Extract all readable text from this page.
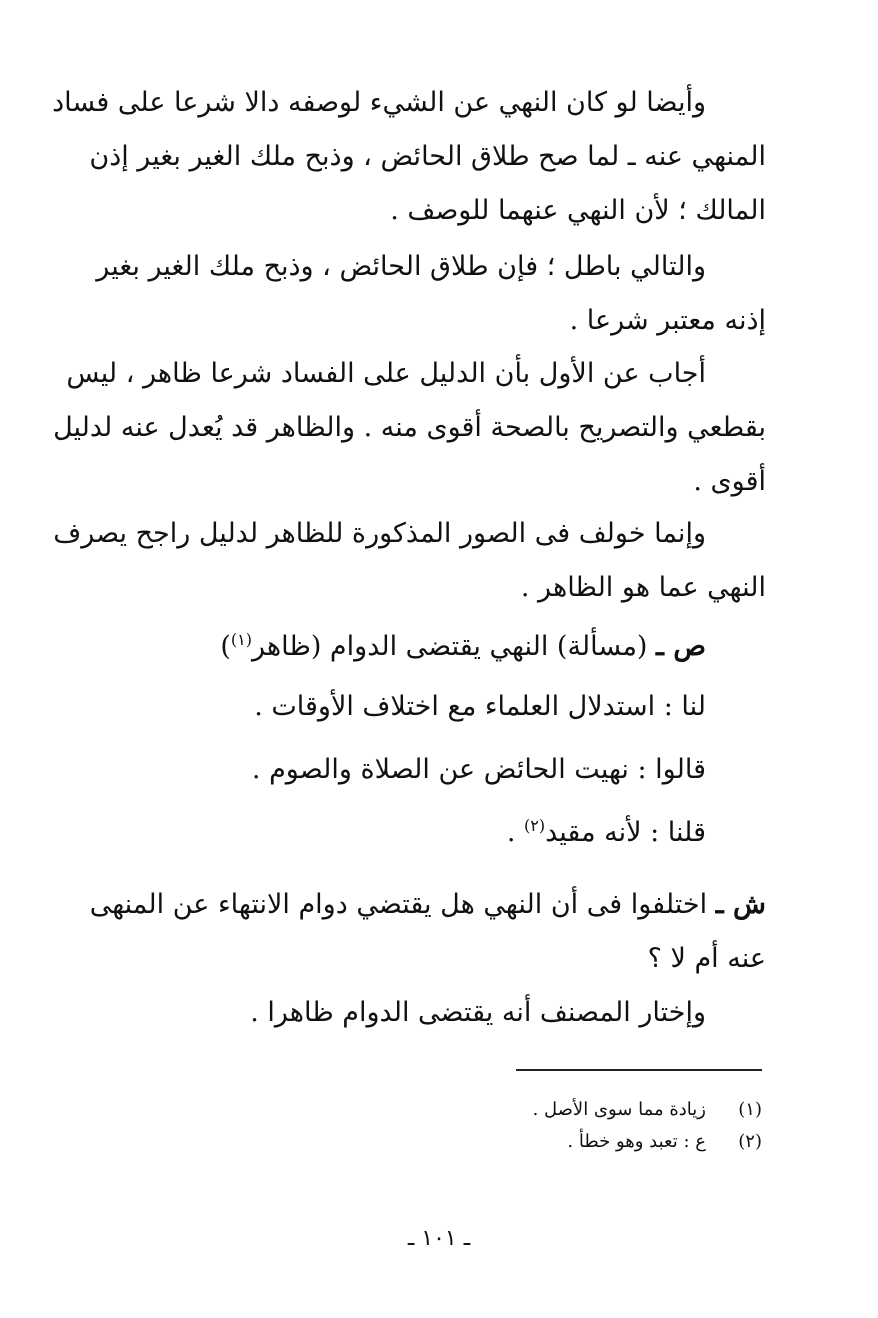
وأيضا لو كان النهي عن الشيء لوصفه دالا شرعا على فساد
المنهي عنه ـ لما صح طلاق الحائض ، وذبح ملك الغير بغير إذن
المالك ؛ لأن النهي عنهما للوصف .
والتالي باطل ؛ فإن طلاق الحائض ، وذبح ملك الغير بغير
إذنه معتبر شرعا .
أجاب عن الأول بأن الدليل على الفساد شرعا ظاهر ، ليس
بقطعي والتصريح بالصحة أقوى منه . والظاهر قد يُعدل عنه لدليل
أقوى .
وإنما خولف فى الصور المذكورة للظاهر لدليل راجح يصرف
النهي عما هو الظاهر .
ص ـ (مسألة) النهي يقتضى الدوام (ظاهر$^{(١)}$)
لنا : استدلال العلماء مع اختلاف الأوقات .
قالوا : نهيت الحائض عن الصلاة والصوم .
قلنا : لأنه مقيد$^{(٢)}$ .
ش ـ اختلفوا فى أن النهي هل يقتضي دوام الانتهاء عن المنهى
عنه أم لا ؟
وإختار المصنف أنه يقتضى الدوام ظاهرا .
(١)زيادة مما سوى الأصل .
(٢)ع : تعبد وهو خطأ .
ـ ١٠١ ـ
